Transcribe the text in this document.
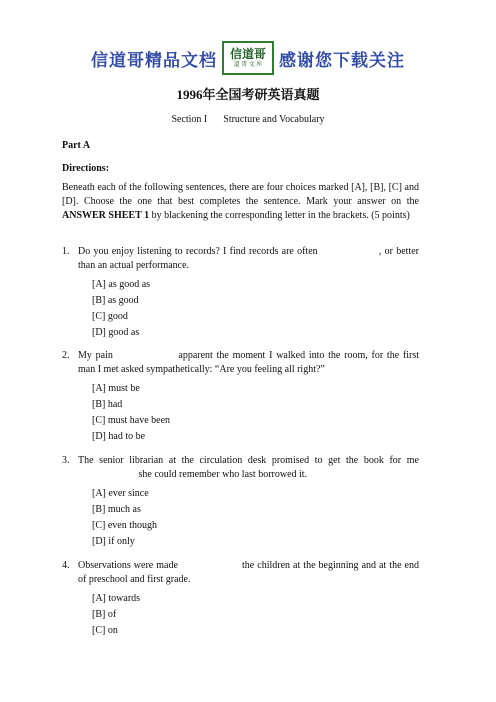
信道哥精品文档 信道哥
道 哥 文 库 感谢您下载关注
1996年全国考研英语真题
Section I Structure and Vocabulary
Part A
Directions:
Beneath each of the following sentences, there are four choices marked [A], [B], [C] and [D]. Choose the one that best completes the sentence. Mark your answer on the ANSWER SHEET 1 by blackening the corresponding letter in the brackets. (5 points)
1. Do you enjoy listening to records? I find records are often	, or better than an actual performance.
[A] as good as
[B] as good
[C] good
[D] good as
2. My pain	apparent the moment I walked into the room, for the first man I met asked sympathetically: “Are you feeling all right?”
[A] must be
[B] had
[C] must have been
[D] had to be
3. The senior librarian at the circulation desk promised to get the book for me  she could remember who last borrowed it.
[A] ever since
[B] much as
[C] even though
[D] if only
4. Observations were made	the children at the beginning and at the end of preschool and first grade.
[A] towards
[B] of
[C] on
